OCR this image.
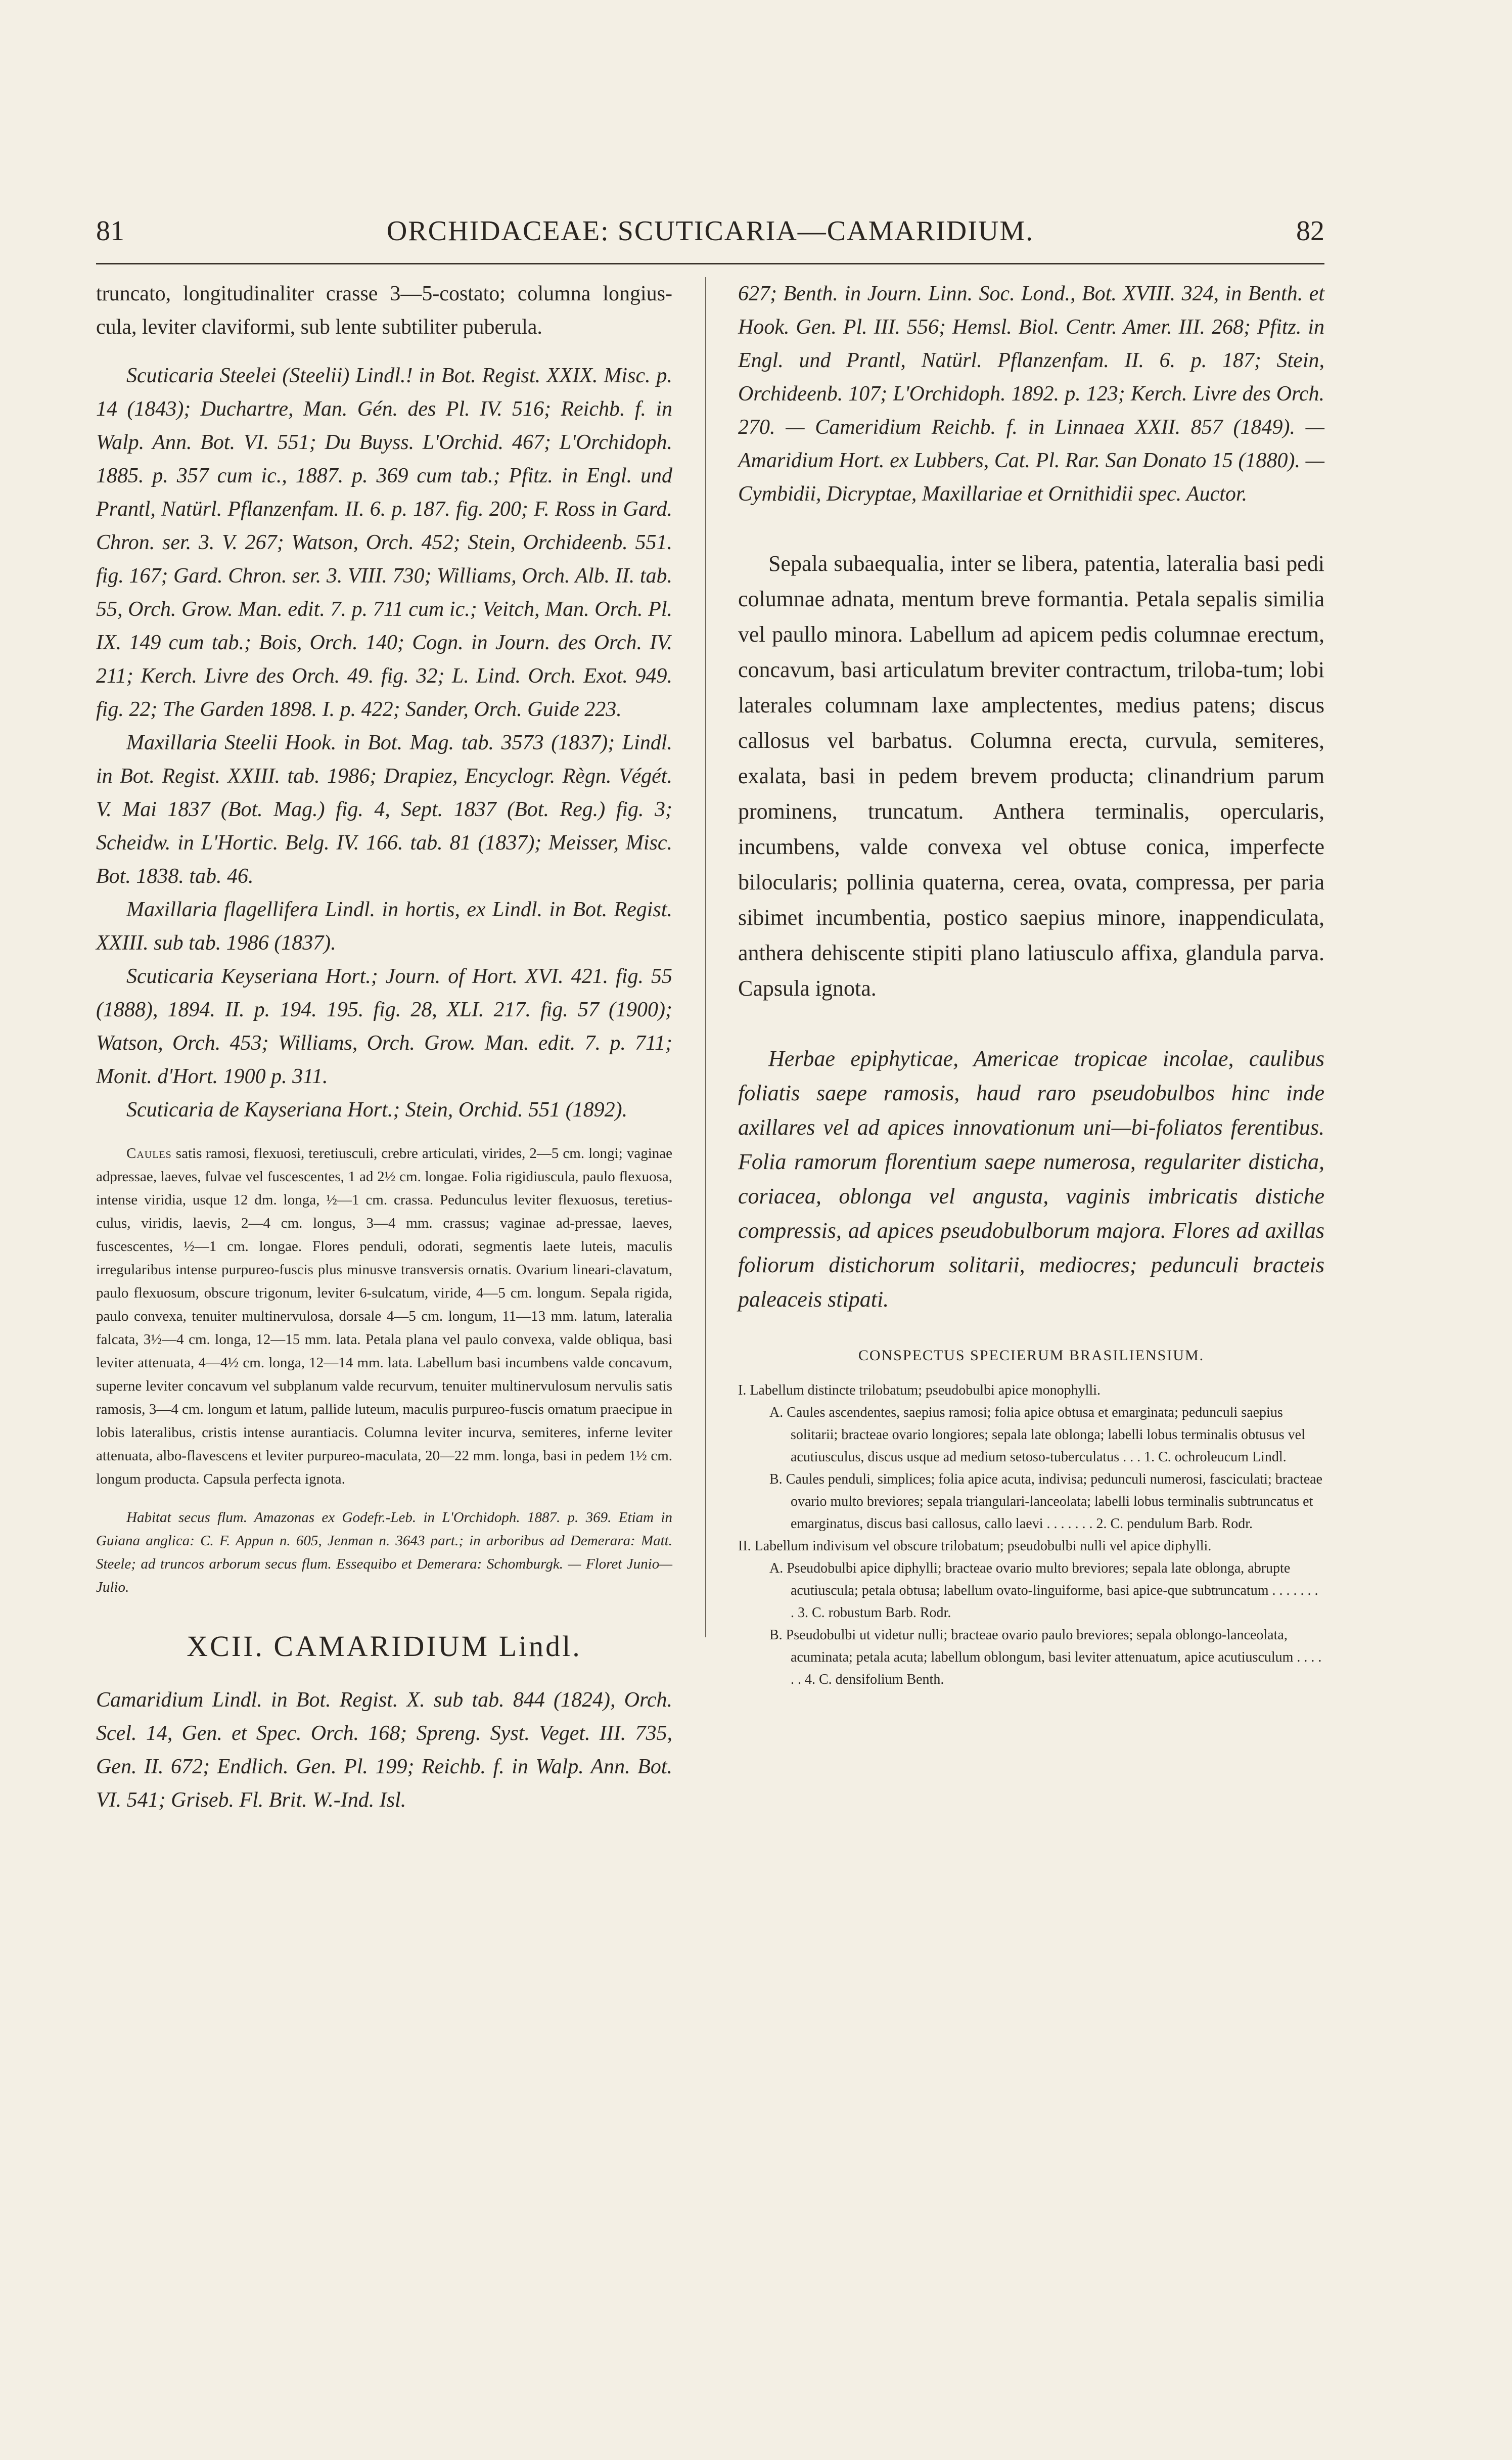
81	ORCHIDACEAE: SCUTICARIA—CAMARIDIUM.	82

truncato, longitudinaliter crasse 3—5-costato; columna longius-cula, leviter claviformi, sub lente subtiliter puberula.

Scuticaria Steelei (Steelii) Lindl.! in Bot. Regist. XXIX. Misc. p. 14 (1843); Duchartre, Man. Gén. des Pl. IV. 516; Reichb. f. in Walp. Ann. Bot. VI. 551; Du Buyss. L'Orchid. 467; L'Orchidoph. 1885. p. 357 cum ic., 1887. p. 369 cum tab.; Pfitz. in Engl. und Prantl, Natürl. Pflanzenfam. II. 6. p. 187. fig. 200; F. Ross in Gard. Chron. ser. 3. V. 267; Watson, Orch. 452; Stein, Orchideenb. 551. fig. 167; Gard. Chron. ser. 3. VIII. 730; Williams, Orch. Alb. II. tab. 55, Orch. Grow. Man. edit. 7. p. 711 cum ic.; Veitch, Man. Orch. Pl. IX. 149 cum tab.; Bois, Orch. 140; Cogn. in Journ. des Orch. IV. 211; Kerch. Livre des Orch. 49. fig. 32; L. Lind. Orch. Exot. 949. fig. 22; The Garden 1898. I. p. 422; Sander, Orch. Guide 223.

Maxillaria Steelii Hook. in Bot. Mag. tab. 3573 (1837); Lindl. in Bot. Regist. XXIII. tab. 1986; Drapiez, Encyclogr. Règn. Végét. V. Mai 1837 (Bot. Mag.) fig. 4, Sept. 1837 (Bot. Reg.) fig. 3; Scheidw. in L'Hortic. Belg. IV. 166. tab. 81 (1837); Meisser, Misc. Bot. 1838. tab. 46.

Maxillaria flagellifera Lindl. in hortis, ex Lindl. in Bot. Regist. XXIII. sub tab. 1986 (1837).

Scuticaria Keyseriana Hort.; Journ. of Hort. XVI. 421. fig. 55 (1888), 1894. II. p. 194. 195. fig. 28, XLI. 217. fig. 57 (1900); Watson, Orch. 453; Williams, Orch. Grow. Man. edit. 7. p. 711; Monit. d'Hort. 1900 p. 311.

Scuticaria de Kayseriana Hort.; Stein, Orchid. 551 (1892).

Caules satis ramosi, flexuosi, teretiusculi, crebre articulati, virides, 2—5 cm. longi; vaginae adpressae, laeves, fulvae vel fuscescentes, 1 ad 2½ cm. longae. Folia rigidiuscula, paulo flexuosa, intense viridia, usque 12 dm. longa, ½—1 cm. crassa. Pedunculus leviter flexuosus, teretius-culus, viridis, laevis, 2—4 cm. longus, 3—4 mm. crassus; vaginae ad-pressae, laeves, fuscescentes, ½—1 cm. longae. Flores penduli, odorati, segmentis laete luteis, maculis irregularibus intense purpureo-fuscis plus minusve transversis ornatis. Ovarium lineari-clavatum, paulo flexuosum, obscure trigonum, leviter 6-sulcatum, viride, 4—5 cm. longum. Sepala rigida, paulo convexa, tenuiter multinervulosa, dorsale 4—5 cm. longum, 11—13 mm. latum, lateralia falcata, 3½—4 cm. longa, 12—15 mm. lata. Petala plana vel paulo convexa, valde obliqua, basi leviter attenuata, 4—4½ cm. longa, 12—14 mm. lata. Labellum basi incumbens valde concavum, superne leviter concavum vel subplanum valde recurvum, tenuiter multinervulosum nervulis satis ramosis, 3—4 cm. longum et latum, pallide luteum, maculis purpureo-fuscis ornatum praecipue in lobis lateralibus, cristis intense aurantiacis. Columna leviter incurva, semiteres, inferne leviter attenuata, albo-flavescens et leviter purpureo-maculata, 20—22 mm. longa, basi in pedem 1½ cm. longum producta. Capsula perfecta ignota.

Habitat secus flum. Amazonas ex Godefr.-Leb. in L'Orchidoph. 1887. p. 369. Etiam in Guiana anglica: C. F. Appun n. 605, Jenman n. 3643 part.; in arboribus ad Demerara: Matt. Steele; ad truncos arborum secus flum. Essequibo et Demerara: Schomburgk. — Floret Junio—Julio.

XCII. CAMARIDIUM Lindl.

Camaridium Lindl. in Bot. Regist. X. sub tab. 844 (1824), Orch. Scel. 14, Gen. et Spec. Orch. 168; Spreng. Syst. Veget. III. 735, Gen. II. 672; Endlich. Gen. Pl. 199; Reichb. f. in Walp. Ann. Bot. VI. 541; Griseb. Fl. Brit. W.-Ind. Isl.

627; Benth. in Journ. Linn. Soc. Lond., Bot. XVIII. 324, in Benth. et Hook. Gen. Pl. III. 556; Hemsl. Biol. Centr. Amer. III. 268; Pfitz. in Engl. und Prantl, Natürl. Pflanzenfam. II. 6. p. 187; Stein, Orchideenb. 107; L'Orchidoph. 1892. p. 123; Kerch. Livre des Orch. 270. — Cameridium Reichb. f. in Linnaea XXII. 857 (1849). — Amaridium Hort. ex Lubbers, Cat. Pl. Rar. San Donato 15 (1880). — Cymbidii, Dicryptae, Maxillariae et Ornithidii spec. Auctor.

Sepala subaequalia, inter se libera, patentia, lateralia basi pedi columnae adnata, mentum breve formantia. Petala sepalis similia vel paullo minora. Labellum ad apicem pedis columnae erectum, concavum, basi articulatum breviter contractum, triloba-tum; lobi laterales columnam laxe amplectentes, medius patens; discus callosus vel barbatus. Columna erecta, curvula, semiteres, exalata, basi in pedem brevem producta; clinandrium parum prominens, truncatum. Anthera terminalis, opercularis, incumbens, valde convexa vel obtuse conica, imperfecte bilocularis; pollinia quaterna, cerea, ovata, compressa, per paria sibimet incumbentia, postico saepius minore, inappendiculata, anthera dehiscente stipiti plano latiusculo affixa, glandula parva. Capsula ignota.

Herbae epiphyticae, Americae tropicae incolae, caulibus foliatis saepe ramosis, haud raro pseudobulbos hinc inde axillares vel ad apices innovationum uni—bi-foliatos ferentibus. Folia ramorum florentium saepe numerosa, regulariter disticha, coriacea, oblonga vel angusta, vaginis imbricatis distiche compressis, ad apices pseudobulborum majora. Flores ad axillas foliorum distichorum solitarii, mediocres; pedunculi bracteis paleaceis stipati.

CONSPECTUS SPECIERUM BRASILIENSIUM.

I. Labellum distincte trilobatum; pseudobulbi apice monophylli.

A. Caules ascendentes, saepius ramosi; folia apice obtusa et emarginata; pedunculi saepius solitarii; bracteae ovario longiores; sepala late oblonga; labelli lobus terminalis obtusus vel acutiusculus, discus usque ad medium setoso-tuberculatus . . . 1. C. ochroleucum Lindl.

B. Caules penduli, simplices; folia apice acuta, indivisa; pedunculi numerosi, fasciculati; bracteae ovario multo breviores; sepala triangulari-lanceolata; labelli lobus terminalis subtruncatus et emarginatus, discus basi callosus, callo laevi . . . . . . . 2. C. pendulum Barb. Rodr.

II. Labellum indivisum vel obscure trilobatum; pseudobulbi nulli vel apice diphylli.

A. Pseudobulbi apice diphylli; bracteae ovario multo breviores; sepala late oblonga, abrupte acutiuscula; petala obtusa; labellum ovato-linguiforme, basi apice-que subtruncatum . . . . . . . . 3. C. robustum Barb. Rodr.

B. Pseudobulbi ut videtur nulli; bracteae ovario paulo breviores; sepala oblongo-lanceolata, acuminata; petala acuta; labellum oblongum, basi leviter attenuatum, apice acutiusculum . . . . . . 4. C. densifolium Benth.
